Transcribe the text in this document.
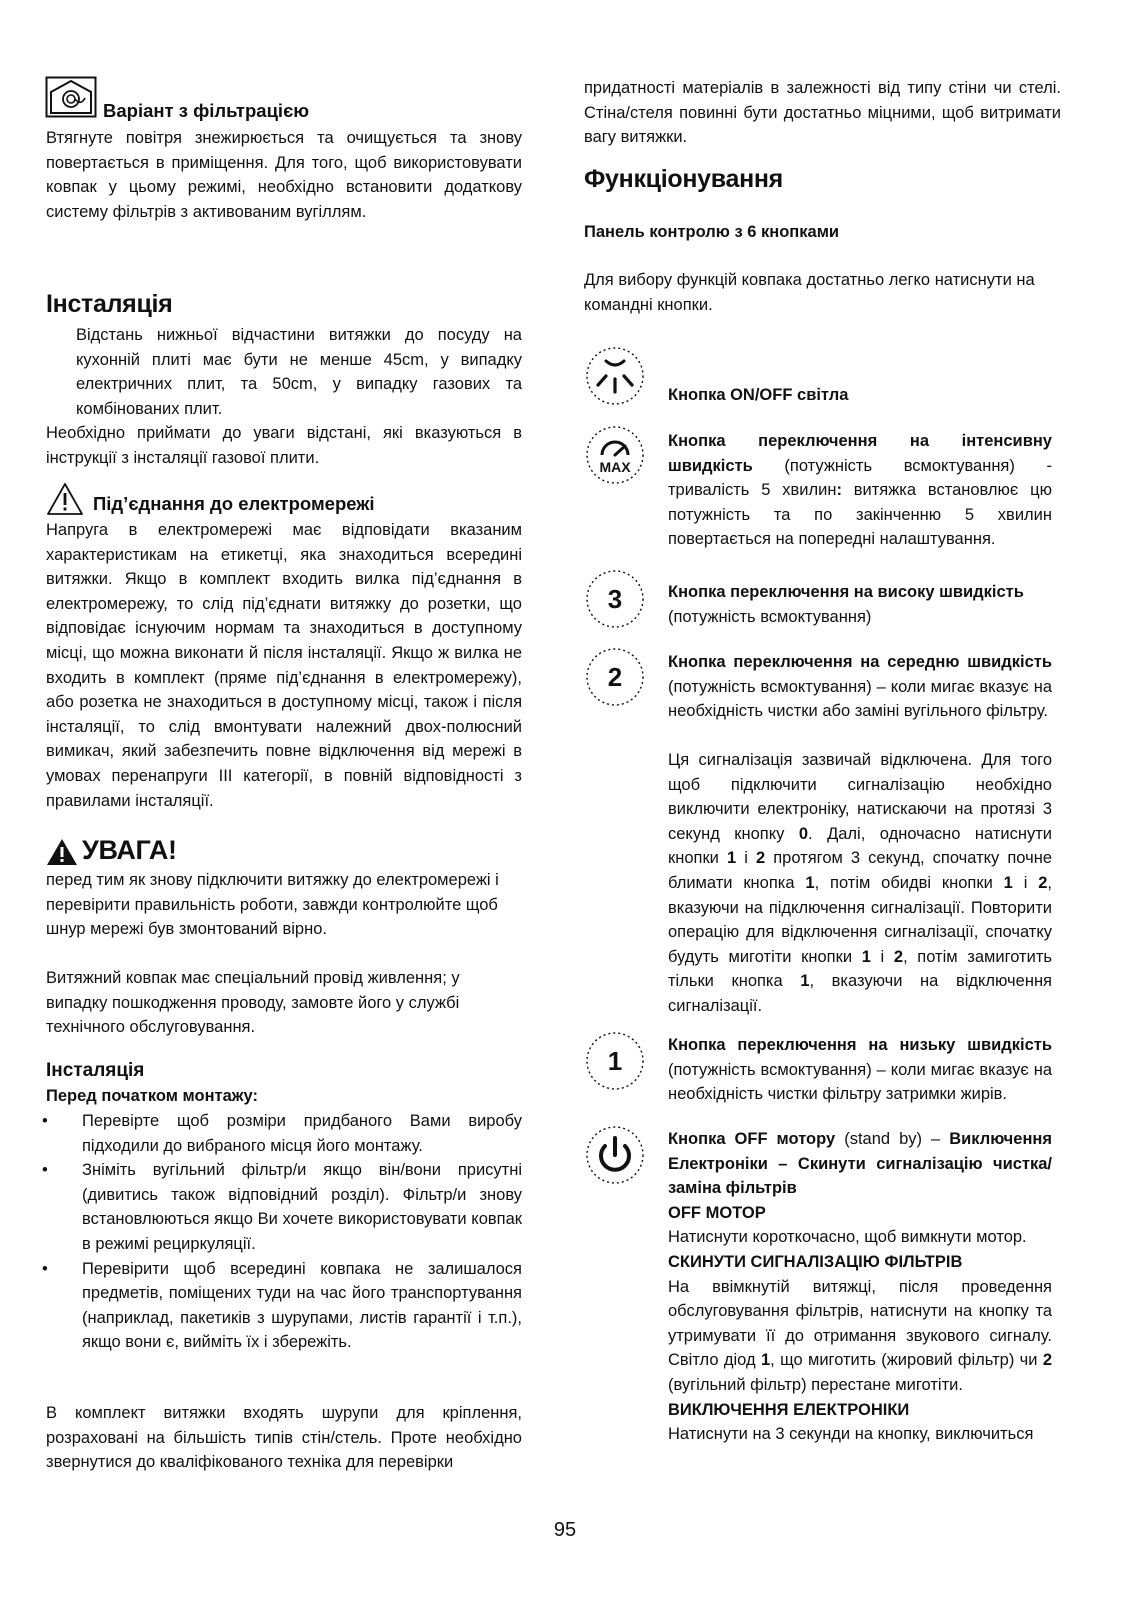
Варіант з фільтрацією
Втягнуте повітря знежирюється та очищується та знову повертається в приміщення. Для того, щоб використовувати ковпак у цьому режимі, необхідно встановити додаткову систему фільтрів з активованим вугіллям.
Інсталяція
Відстань нижньої відчастини витяжки до посуду на кухонній плиті має бути не менше 45cm, у випадку електричних плит, та 50cm, у випадку газових та комбінованих плит.
Необхідно приймати до уваги відстані, які вказуються в інструкції з інсталяції газової плити.
Під’єднання до електромережі
Напруга в електромережі має відповідати вказаним характеристикам на етикетці, яка знаходиться всередині витяжки. Якщо в комплект входить вилка під’єднання в електромережу, то слід під’єднати витяжку до розетки, що відповідає існуючим нормам та знаходиться в доступному місці, що можна виконати й після інсталяції. Якщо ж вилка не входить в комплект (пряме під’єднання в електромережу), або розетка не знаходиться в доступному місці, також і після інсталяції, то слід вмонтувати належний двох-полюсний вимикач, який забезпечить повне відключення від мережі в умовах перенапруги III категорії, в повній відповідності з правилами інсталяції.
УВАГА!
перед тим як знову підключити витяжку до електромережі і перевірити правильність роботи, завжди контролюйте щоб шнур мережі був змонтований вірно.
Витяжний ковпак має спеціальний провід живлення; у випадку пошкодження проводу, замовте його у службі технічного обслуговування.
Інсталяція
Перед початком монтажу:
• Перевірте щоб розміри придбаного Вами виробу підходили до вибраного місця його монтажу.
• Зніміть вугільний фільтр/и якщо він/вони присутні (дивитись також відповідний розділ). Фільтр/и знову встановлюються якщо Ви хочете використовувати ковпак в режимі рециркуляції.
• Перевірити щоб всередині ковпака не залишалося предметів, поміщених туди на час його транспортування (наприклад, пакетиків з шурупами, листів гарантії і т.п.), якщо вони є, вийміть їх і збережіть.
В комплект витяжки входять шурупи для кріплення, розраховані на більшість типів стін/стель. Проте необхідно звернутися до кваліфікованого техніка для перевірки
придатності матеріалів в залежності від типу стіни чи стелі. Стіна/стеля повинні бути достатньо міцними, щоб витримати вагу витяжки.
Функціонування
Панель контролю з 6 кнопками
Для вибору функцій ковпака достатньо легко натиснути на командні кнопки.
Кнопка ON/OFF світла
MAX
Кнопка переключення на інтенсивну швидкість (потужність всмоктування) - тривалість 5 хвилин: витяжка встановлює цю потужність та по закінченню 5 хвилин повертається на попередні налаштування.
3	Кнопка переключення на високу швидкість (потужність всмоктування)
2	Кнопка переключення на середню швидкість (потужність всмоктування) – коли мигає вказує на необхідність чистки або заміні вугільного фільтру.
Ця сигналізація зазвичай відключена. Для того щоб підключити сигналізацію необхідно виключити електроніку, натискаючи на протязі 3 секунд кнопку 0. Далі, одночасно натиснути кнопки 1 і 2 протягом 3 секунд, спочатку почне блимати кнопка 1, потім обидві кнопки 1 і 2, вказуючи на підключення сигналізації. Повторити операцію для відключення сигналізації, спочатку будуть миготіти кнопки 1 і 2, потім замиготить тільки кнопка 1, вказуючи на відключення сигналізації.
1
Кнопка переключення на низьку швидкість (потужність всмоктування) – коли мигає вказує на необхідність чистки фільтру затримки жирів.
Кнопка OFF мотору (stand by) – Виключення Електроніки – Скинути сигналізацію чистка/заміна фільтрів
OFF MOTOP
Натиснути короткочасно, щоб вимкнути мотор.
СКИНУТИ СИГНАЛІЗАЦІЮ ФІЛЬТРІВ
На ввімкнутій витяжці, після проведення обслуговування фільтрів, натиснути на кнопку та утримувати її до отримання звукового сигналу. Світло діод 1, що миготить (жировий фільтр) чи 2 (вугільний фільтр) перестане миготіти.
ВИКЛЮЧЕННЯ ЕЛЕКТРОНІКИ
Натиснути на 3 секунди на кнопку, виключиться
95
